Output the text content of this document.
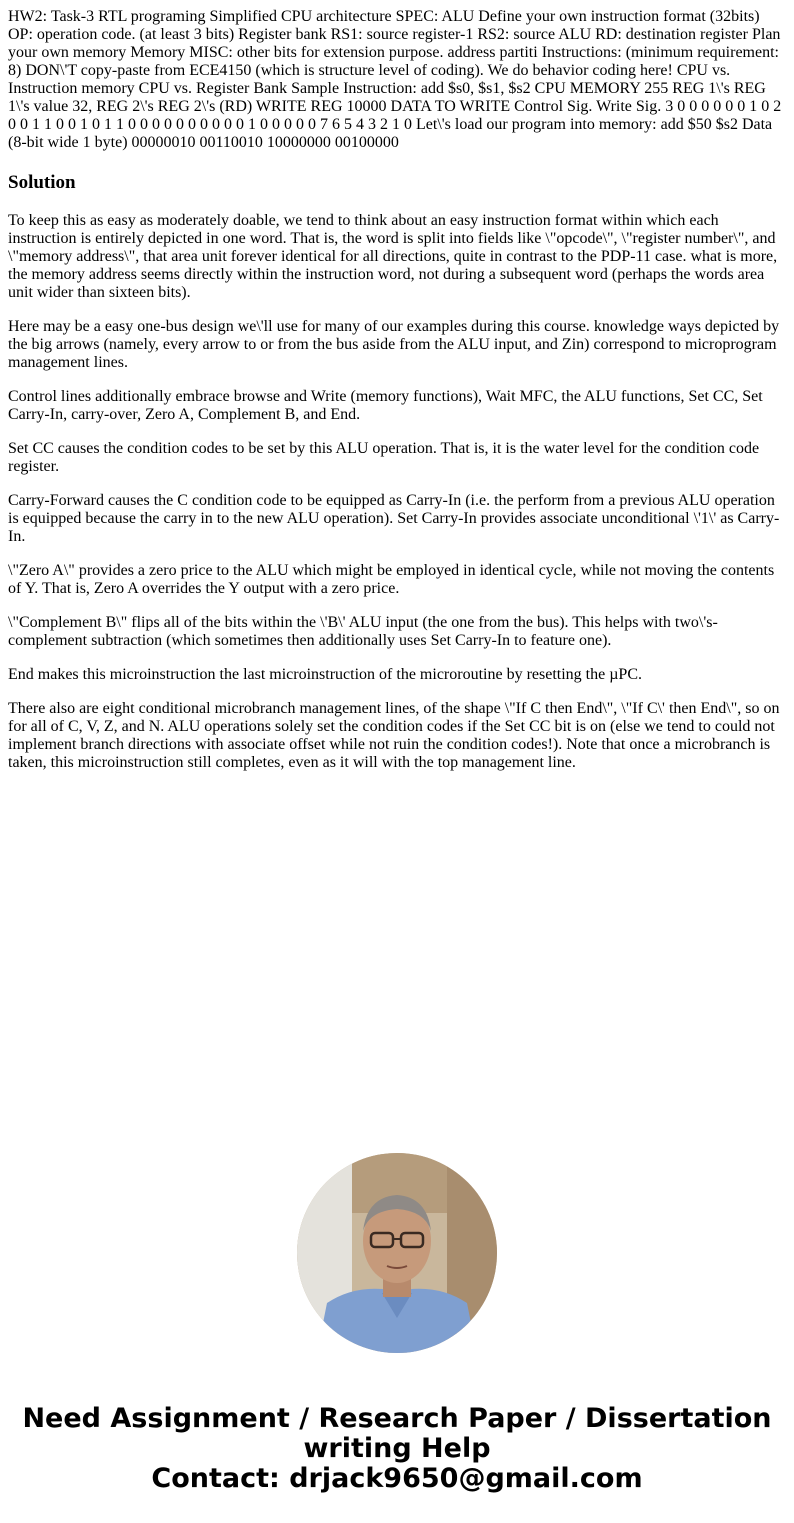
HW2: Task-3 RTL programing Simplified CPU architecture SPEC: ALU Define your own instruction format (32bits) OP: operation code. (at least 3 bits) Register bank RS1: source register-1 RS2: source ALU RD: destination register Plan your own memory Memory MISC: other bits for extension purpose. address partiti Instructions: (minimum requirement: 8) DON\'T copy-paste from ECE4150 (which is structure level of coding). We do behavior coding here! CPU vs. Instruction memory CPU vs. Register Bank Sample Instruction: add $s0, $s1, $s2 CPU MEMORY 255 REG 1\'s REG 1\'s value 32, REG 2\'s REG 2\'s (RD) WRITE REG 10000 DATA TO WRITE Control Sig. Write Sig. 3 0 0 0 0 0 0 1 0 2 0 0 1 1 0 0 1 0 1 1 0 0 0 0 0 0 0 0 0 0 1 0 0 0 0 0 7 6 5 4 3 2 1 0 Let\'s load our program into memory: add $50 $s2 Data (8-bit wide 1 byte) 00000010 00110010 10000000 00100000

Solution

To keep this as easy as moderately doable, we tend to think about an easy instruction format within which each instruction is entirely depicted in one word. That is, the word is split into fields like \"opcode\", \"register number\", and \"memory address\", that area unit forever identical for all directions, quite in contrast to the PDP-11 case. what is more, the memory address seems directly within the instruction word, not during a subsequent word (perhaps the words area unit wider than sixteen bits).

Here may be a easy one-bus design we\'ll use for many of our examples during this course. knowledge ways depicted by the big arrows (namely, every arrow to or from the bus aside from the ALU input, and Zin) correspond to microprogram management lines.

Control lines additionally embrace browse and Write (memory functions), Wait MFC, the ALU functions, Set CC, Set Carry-In, carry-over, Zero A, Complement B, and End.

Set CC causes the condition codes to be set by this ALU operation. That is, it is the water level for the condition code register.

Carry-Forward causes the C condition code to be equipped as Carry-In (i.e. the perform from a previous ALU operation is equipped because the carry in to the new ALU operation). Set Carry-In provides associate unconditional \'1\' as Carry-In.

\"Zero A\" provides a zero price to the ALU which might be employed in identical cycle, while not moving the contents of Y. That is, Zero A overrides the Y output with a zero price.

\"Complement B\" flips all of the bits within the \'B\' ALU input (the one from the bus). This helps with two\'s-complement subtraction (which sometimes then additionally uses Set Carry-In to feature one).

End makes this microinstruction the last microinstruction of the microroutine by resetting the µPC.

There also are eight conditional microbranch management lines, of the shape \"If C then End\", \"If C\' then End\", so on for all of C, V, Z, and N. ALU operations solely set the condition codes if the Set CC bit is on (else we tend to could not implement branch directions with associate offset while not ruin the condition codes!). Note that once a microbranch is taken, this microinstruction still completes, even as it will with the top management line.

Need Assignment / Research Paper / Dissertation
writing Help
Contact: drjack9650@gmail.com
